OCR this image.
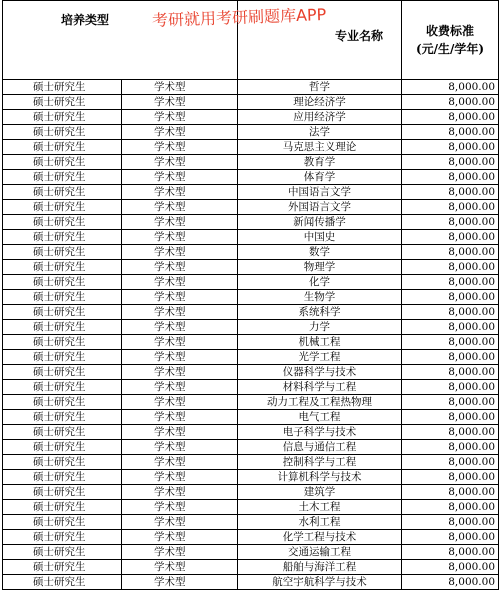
培养类型		专业名称	收费标准
(元/生/学年)

硕士研究生	学术型	哲学	8,000.00
硕士研究生	学术型	理论经济学	8,000.00
硕士研究生	学术型	应用经济学	8,000.00
硕士研究生	学术型	法学	8,000.00
硕士研究生	学术型	马克思主义理论	8,000.00
硕士研究生	学术型	教育学	8,000.00
硕士研究生	学术型	体育学	8,000.00
硕士研究生	学术型	中国语言文学	8,000.00
硕士研究生	学术型	外国语言文学	8,000.00
硕士研究生	学术型	新闻传播学	8,000.00
硕士研究生	学术型	中国史	8,000.00
硕士研究生	学术型	数学	8,000.00
硕士研究生	学术型	物理学	8,000.00
硕士研究生	学术型	化学	8,000.00
硕士研究生	学术型	生物学	8,000.00
硕士研究生	学术型	系统科学	8,000.00
硕士研究生	学术型	力学	8,000.00
硕士研究生	学术型	机械工程	8,000.00
硕士研究生	学术型	光学工程	8,000.00
硕士研究生	学术型	仪器科学与技术	8,000.00
硕士研究生	学术型	材料科学与工程	8,000.00
硕士研究生	学术型	动力工程及工程热物理	8,000.00
硕士研究生	学术型	电气工程	8,000.00
硕士研究生	学术型	电子科学与技术	8,000.00
硕士研究生	学术型	信息与通信工程	8,000.00
硕士研究生	学术型	控制科学与工程	8,000.00
硕士研究生	学术型	计算机科学与技术	8,000.00
硕士研究生	学术型	建筑学	8,000.00
硕士研究生	学术型	土木工程	8,000.00
硕士研究生	学术型	水利工程	8,000.00
硕士研究生	学术型	化学工程与技术	8,000.00
硕士研究生	学术型	交通运输工程	8,000.00
硕士研究生	学术型	船舶与海洋工程	8,000.00
硕士研究生	学术型	航空宇航科学与技术	8,000.00
考研就用考研刷题库APP
